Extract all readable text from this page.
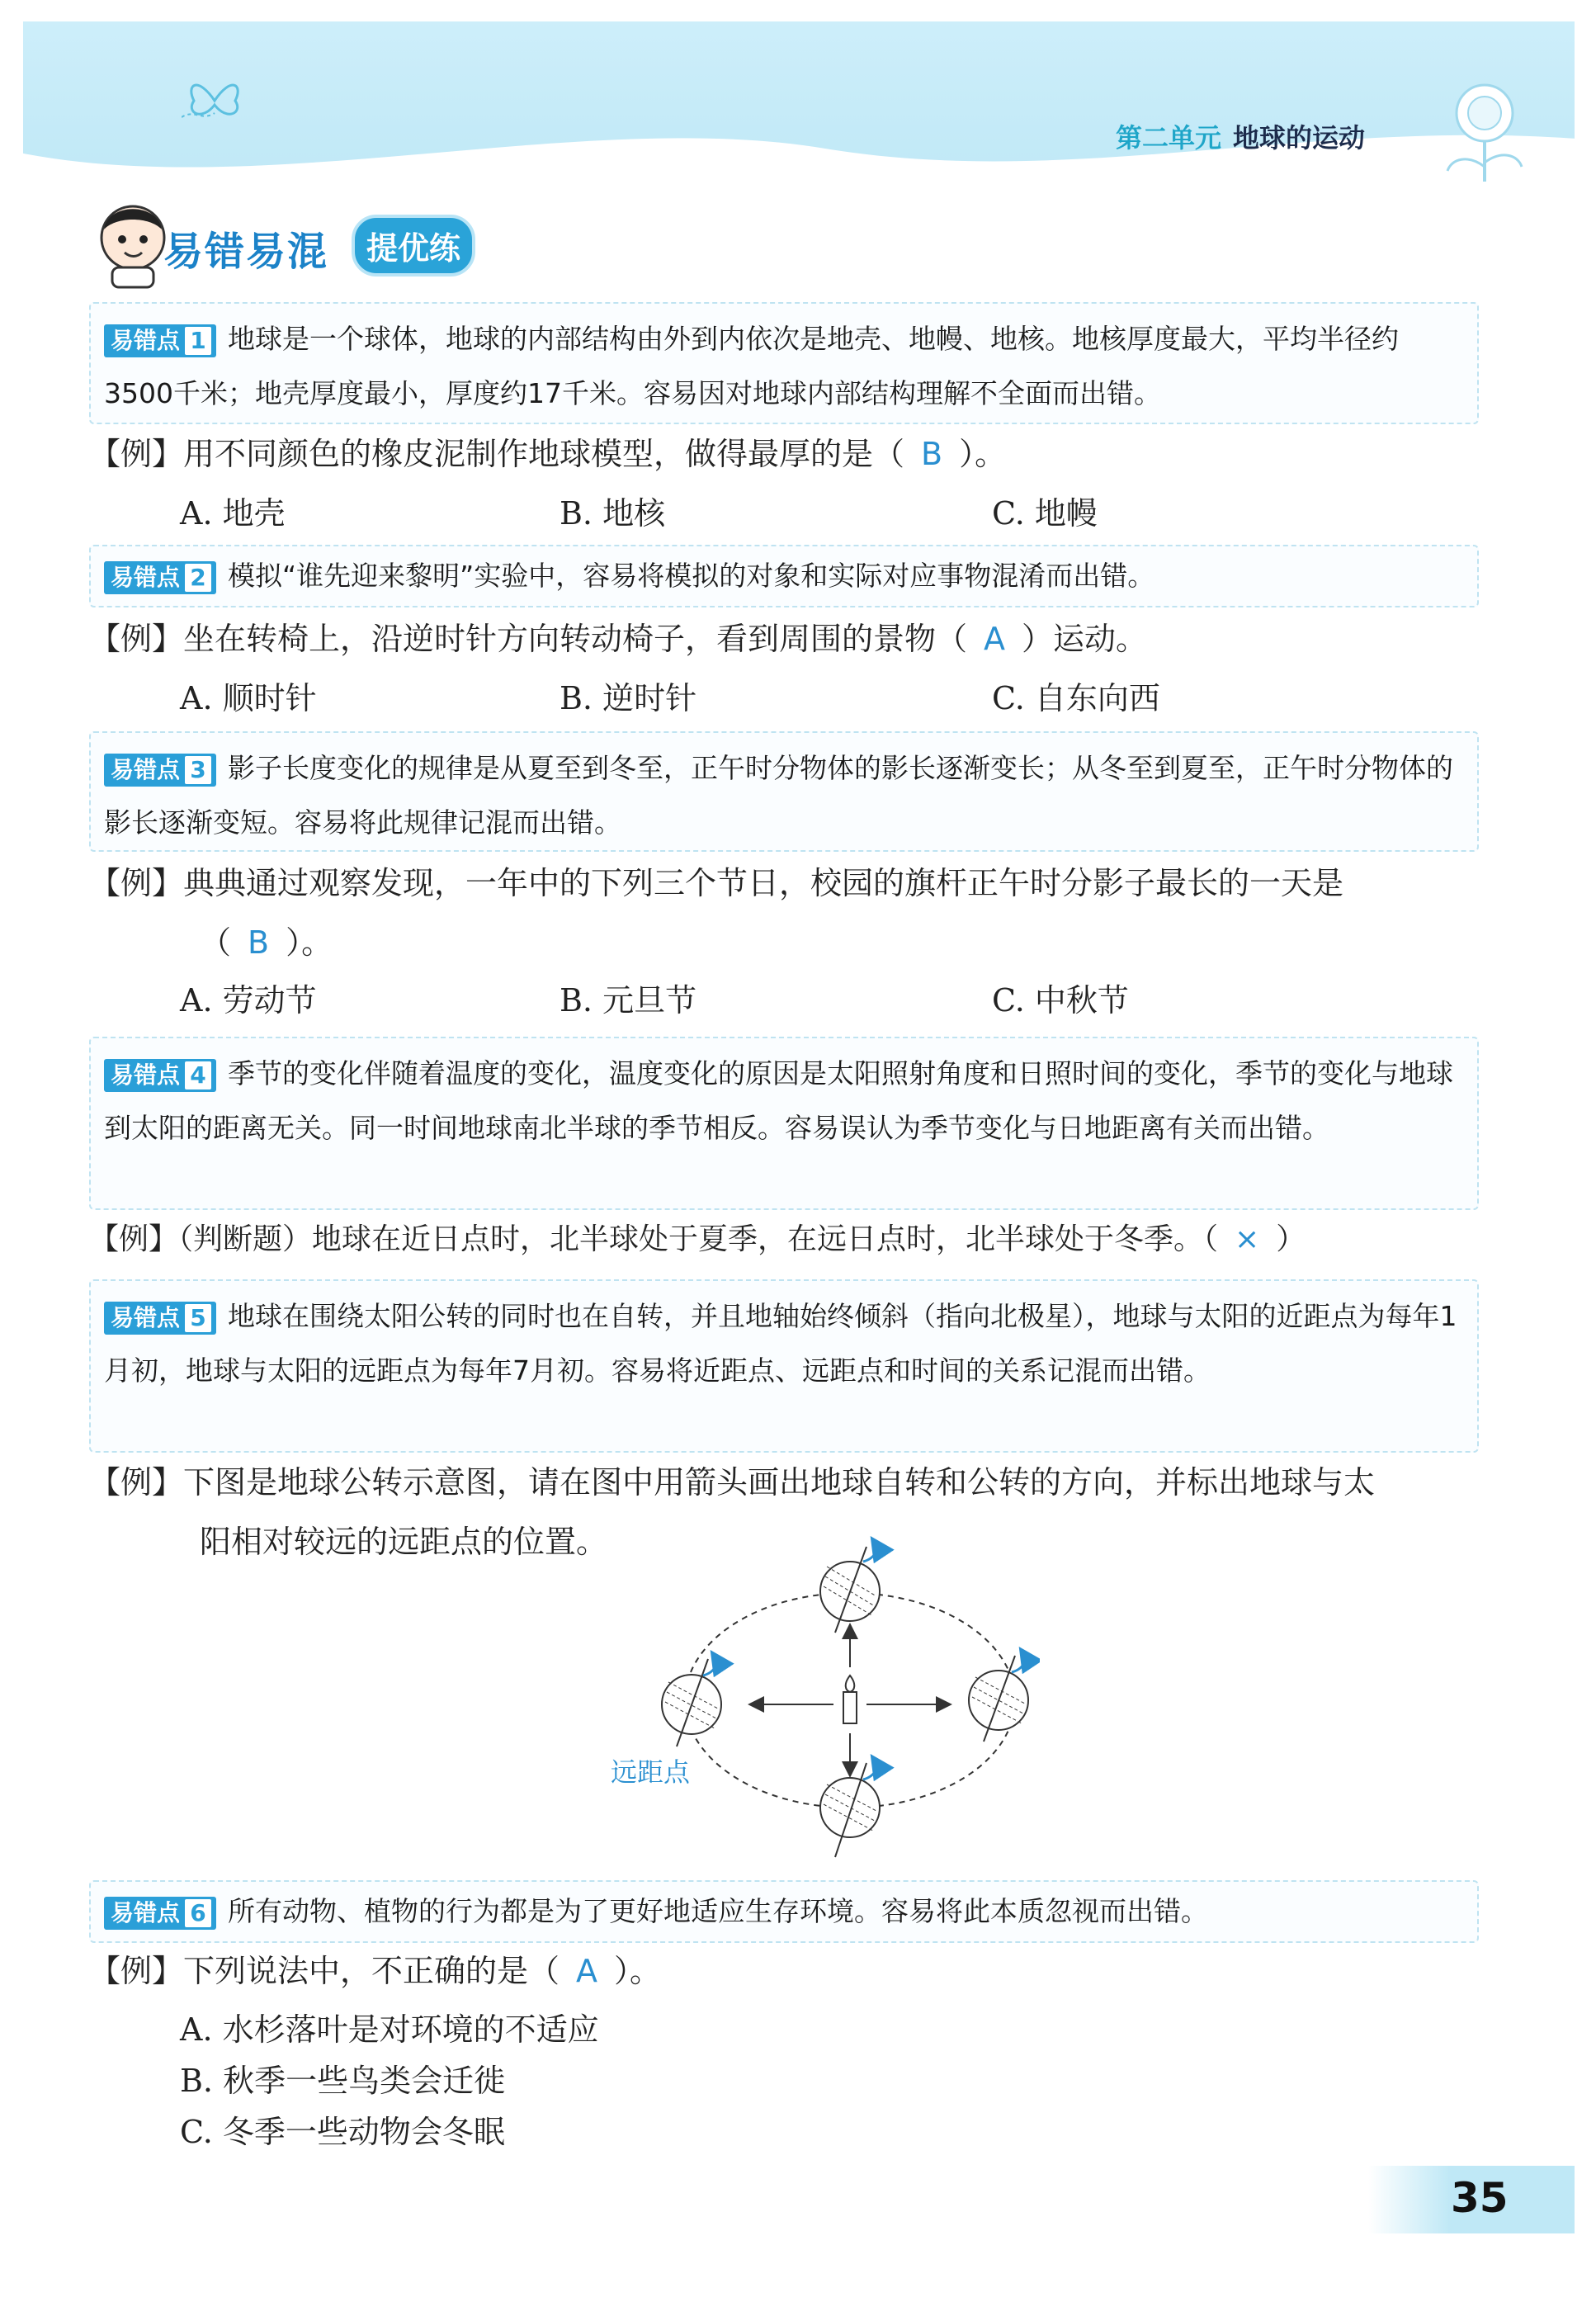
第二单元 地球的运动
易错易混	提优练
易错点 1 地球是一个球体，地球的内部结构由外到内依次是地壳、地幔、地核。地核厚度最大，平均半径约3500千米；地壳厚度最小，厚度约17千米。容易因对地球内部结构理解不全面而出错。
【例】用不同颜色的橡皮泥制作地球模型，做得最厚的是（ B ）。
A. 地壳	B. 地核	C. 地幔
易错点 2 模拟“谁先迎来黎明”实验中，容易将模拟的对象和实际对应事物混淆而出错。
【例】坐在转椅上，沿逆时针方向转动椅子，看到周围的景物（ A ）运动。
A. 顺时针	B. 逆时针	C. 自东向西
易错点 3 影子长度变化的规律是从夏至到冬至，正午时分物体的影长逐渐变长；从冬至到夏至，正午时分物体的影长逐渐变短。容易将此规律记混而出错。
【例】典典通过观察发现，一年中的下列三个节日，校园的旗杆正午时分影子最长的一天是
（ B ）。
A. 劳动节	B. 元旦节	C. 中秋节
易错点 4 季节的变化伴随着温度的变化，温度变化的原因是太阳照射角度和日照时间的变化，季节的变化与地球到太阳的距离无关。同一时间地球南北半球的季节相反。容易误认为季节变化与日地距离有关而出错。
【例】（判断题）地球在近日点时，北半球处于夏季，在远日点时，北半球处于冬季。（ × ）
易错点 5 地球在围绕太阳公转的同时也在自转，并且地轴始终倾斜（指向北极星），地球与太阳的近距点为每年1月初，地球与太阳的远距点为每年7月初。容易将近距点、远距点和时间的关系记混而出错。
【例】下图是地球公转示意图，请在图中用箭头画出地球自转和公转的方向，并标出地球与太
阳相对较远的远距点的位置。
远距点
易错点 6 所有动物、植物的行为都是为了更好地适应生存环境。容易将此本质忽视而出错。
【例】下列说法中，不正确的是（ A ）。
A. 水杉落叶是对环境的不适应
B. 秋季一些鸟类会迁徙
C. 冬季一些动物会冬眠
35
